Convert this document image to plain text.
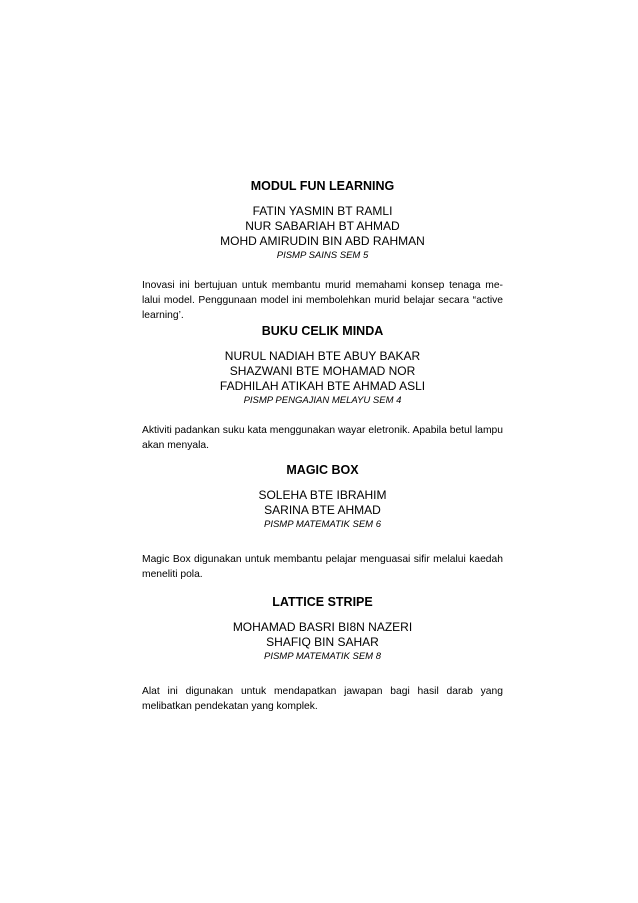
MODUL FUN LEARNING
FATIN YASMIN BT RAMLI
NUR SABARIAH BT AHMAD
MOHD AMIRUDIN BIN ABD RAHMAN
PISMP SAINS SEM 5

Inovasi ini bertujuan untuk membantu murid memahami konsep tenaga me-lalui model. Penggunaan model ini membolehkan murid belajar secara “active learning’.

BUKU CELIK MINDA
NURUL NADIAH BTE ABUY BAKAR
SHAZWANI BTE MOHAMAD NOR
FADHILAH ATIKAH BTE AHMAD ASLI
PISMP PENGAJIAN MELAYU SEM 4

Aktiviti padankan suku kata menggunakan wayar eletronik. Apabila betul lampu akan menyala.

MAGIC BOX
SOLEHA BTE IBRAHIM
SARINA BTE AHMAD
PISMP MATEMATIK SEM 6

Magic Box digunakan untuk membantu pelajar menguasai sifir melalui kaedah meneliti pola.

LATTICE STRIPE
MOHAMAD BASRI BI8N NAZERI
SHAFIQ BIN SAHAR
PISMP MATEMATIK SEM 8

Alat ini digunakan untuk mendapatkan jawapan bagi hasil darab yang melibatkan pendekatan yang komplek.
